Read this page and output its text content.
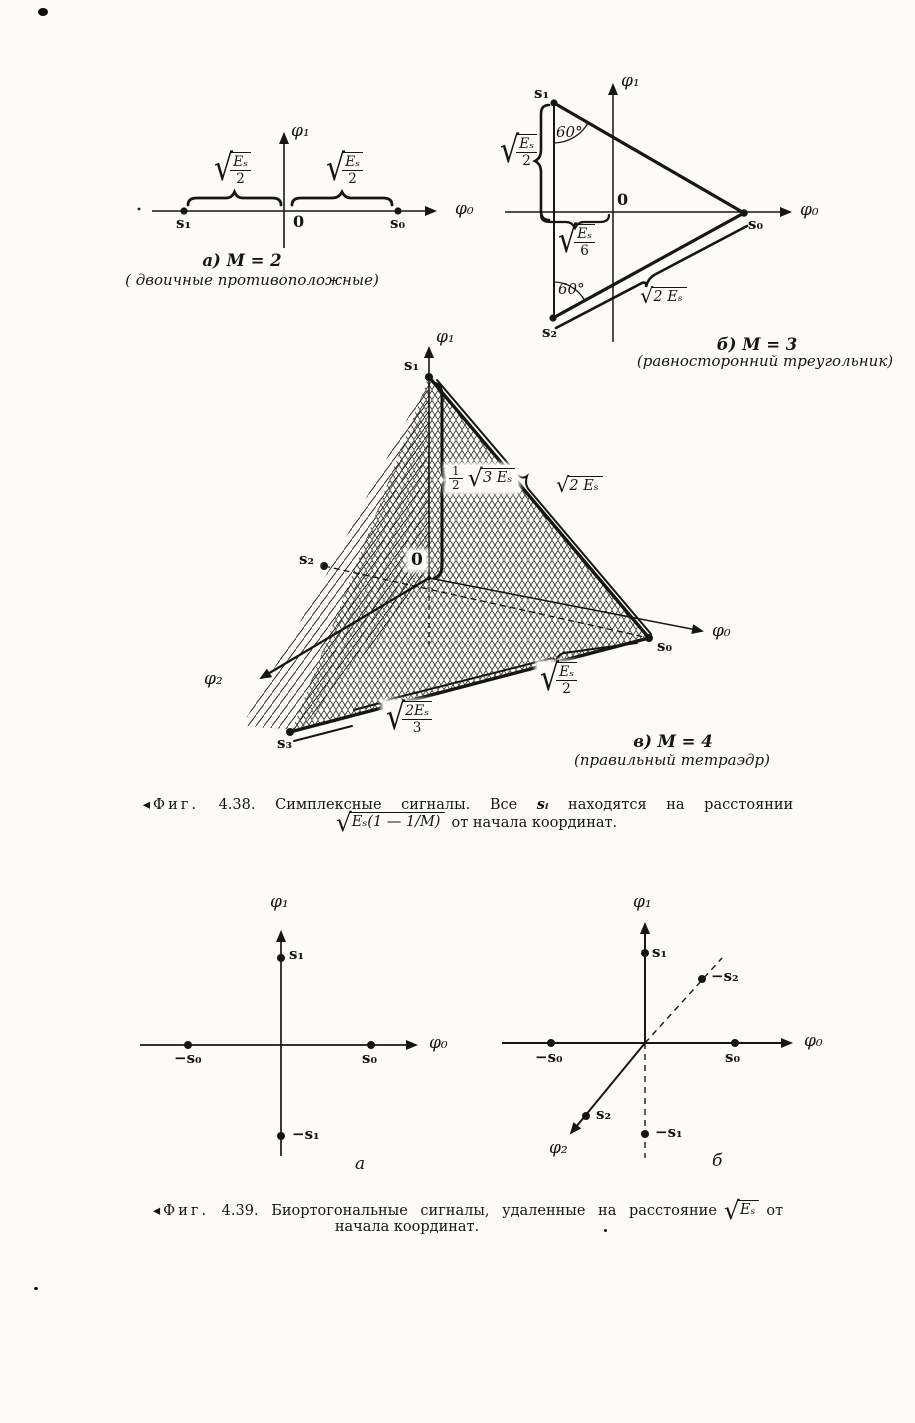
φ₁
φ₀
0
s₁	s₀
√
$\frac{\text{Eₛ}}{2}$ √
$\frac{\text{Eₛ}}{2}$
а) М = 2
( двоичные противоположные)
φ₁
φ₀
0
s₁
s₂
s₀
60°
60°
√
$\frac{\text{Eₛ}}{2}$
√
$\frac{\text{Eₛ}}{6}$
√ 2 Eₛ
б) М = 3
(равносторонний треугольник)
φ₁
φ₀
φ₂
0
s₁
s₂
s₃
s₀
$\frac{1}{2}$ √ 3 Eₛ √ 2 Eₛ
√
$\frac{\text{2Eₛ}}{3}$
√
$\frac{\text{Eₛ}}{2}$
в) М = 4
(правильный тетраэдр)
◂Фиг. 4.38. Симплексные сигналы. Все sᵢ находятся на расстоянии
√ Eₛ(1 — 1/M) от начала координат.
φ₁
φ₀
s₁
−s₁
s₀
−s₀
а
φ₁
φ₀
φ₂
s₁
−s₁
s₀
−s₀
s₂
−s₂
б
◂Фиг.
4.39.
Биортогональные сигналы, удаленные на расстояние √ Eₛ от
начала координат.
